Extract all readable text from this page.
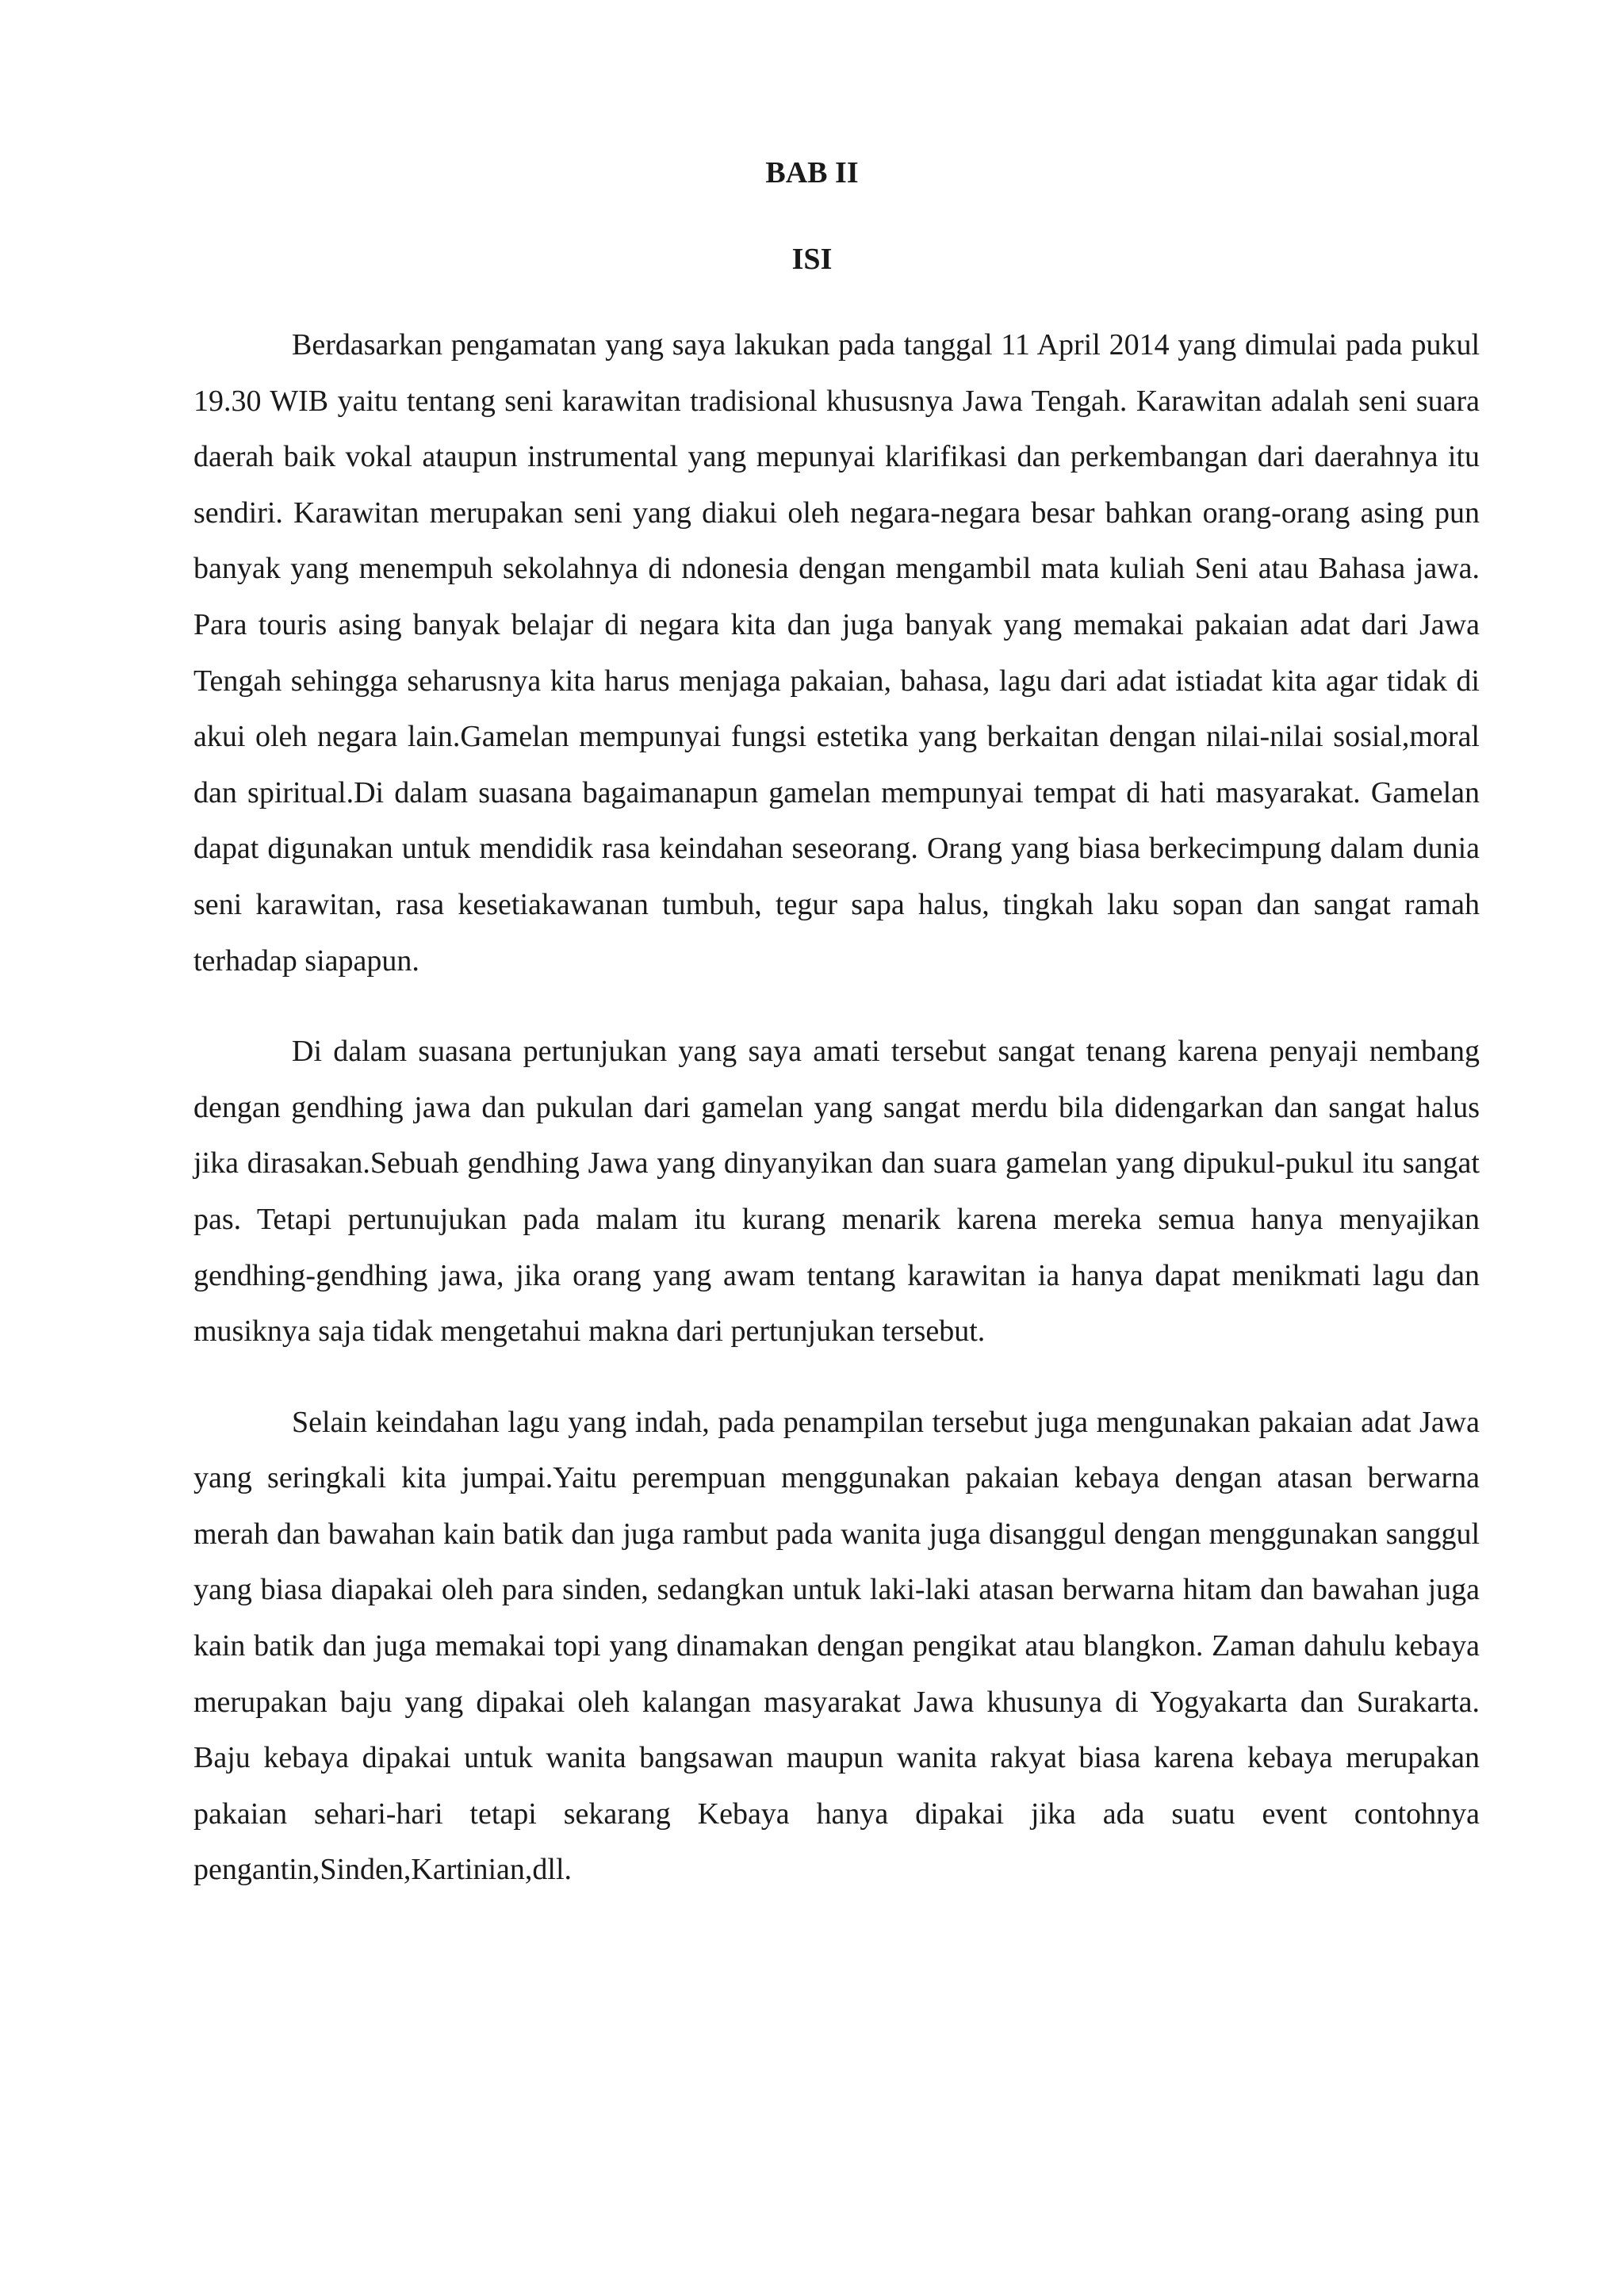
BAB II
ISI

Berdasarkan pengamatan yang saya lakukan pada tanggal 11 April 2014 yang dimulai pada pukul 19.30 WIB yaitu tentang seni karawitan tradisional khususnya Jawa Tengah. Karawitan adalah seni suara daerah baik vokal ataupun instrumental yang mepunyai klarifikasi dan perkembangan dari daerahnya itu sendiri. Karawitan merupakan seni yang diakui oleh negara-negara besar bahkan orang-orang asing pun banyak yang menempuh sekolahnya di ndonesia dengan mengambil mata kuliah Seni atau Bahasa jawa. Para touris asing banyak belajar di negara kita dan juga banyak yang memakai pakaian adat dari Jawa Tengah sehingga seharusnya kita harus menjaga pakaian, bahasa, lagu dari adat istiadat kita agar tidak di akui oleh negara lain.Gamelan mempunyai fungsi estetika yang berkaitan dengan nilai-nilai sosial,moral dan spiritual.Di dalam suasana bagaimanapun gamelan mempunyai tempat di hati masyarakat. Gamelan dapat digunakan untuk mendidik rasa keindahan seseorang. Orang yang biasa berkecimpung dalam dunia seni karawitan, rasa kesetiakawanan tumbuh, tegur sapa halus, tingkah laku sopan dan sangat ramah terhadap siapapun.

Di dalam suasana pertunjukan yang saya amati tersebut sangat tenang karena penyaji nembang dengan gendhing jawa dan pukulan dari gamelan yang sangat merdu bila didengarkan dan sangat halus jika dirasakan.Sebuah gendhing Jawa yang dinyanyikan dan suara gamelan yang dipukul-pukul itu sangat pas. Tetapi pertunujukan pada malam itu kurang menarik karena mereka semua hanya menyajikan gendhing-gendhing jawa, jika orang yang awam tentang karawitan ia hanya dapat menikmati lagu dan musiknya saja tidak mengetahui makna dari pertunjukan tersebut.

Selain keindahan lagu yang indah, pada penampilan tersebut juga mengunakan pakaian adat Jawa yang seringkali kita jumpai.Yaitu perempuan menggunakan pakaian kebaya dengan atasan berwarna merah dan bawahan kain batik dan juga rambut pada wanita juga disanggul dengan menggunakan sanggul yang biasa diapakai oleh para sinden, sedangkan untuk laki-laki atasan berwarna hitam dan bawahan juga kain batik dan juga memakai topi yang dinamakan dengan pengikat atau blangkon. Zaman dahulu kebaya merupakan baju yang dipakai oleh kalangan masyarakat Jawa khusunya di Yogyakarta dan Surakarta. Baju kebaya dipakai untuk wanita bangsawan maupun wanita rakyat biasa karena kebaya merupakan pakaian sehari-hari tetapi sekarang Kebaya hanya dipakai jika ada suatu event contohnya pengantin,Sinden,Kartinian,dll.
